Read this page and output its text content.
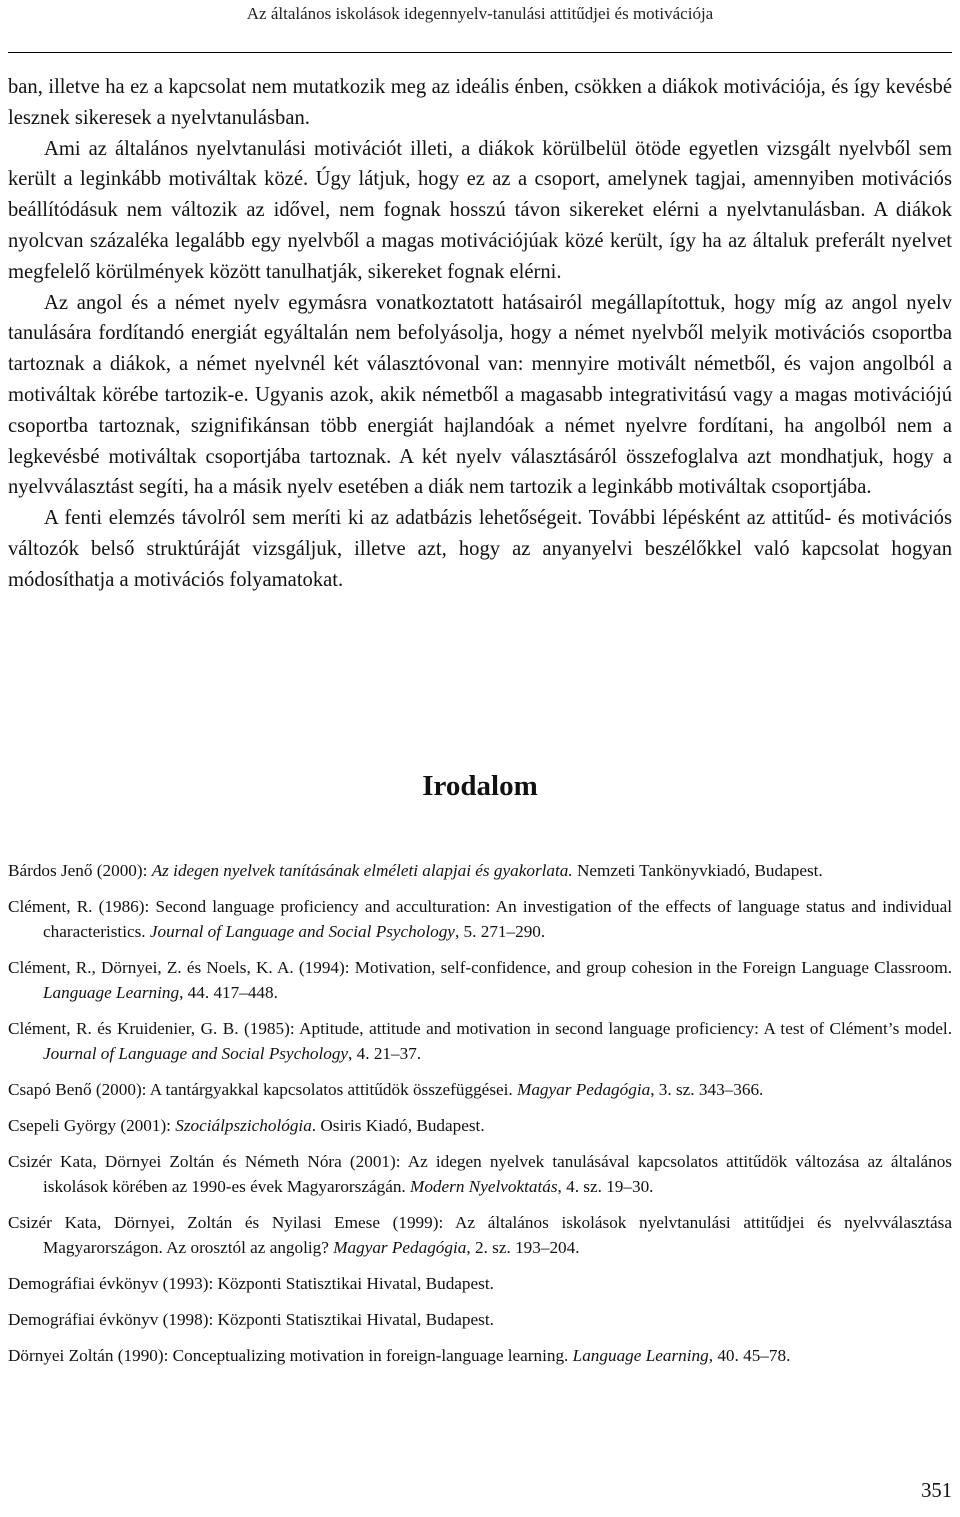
Az általános iskolások idegennyelv-tanulási attitűdjei és motivációja

ban, illetve ha ez a kapcsolat nem mutatkozik meg az ideális énben, csökken a diákok motivációja, és így kevésbé lesznek sikeresek a nyelvtanulásban.

Ami az általános nyelvtanulási motivációt illeti, a diákok körülbelül ötöde egyetlen vizsgált nyelvből sem került a leginkább motiváltak közé. Úgy látjuk, hogy ez az a csoport, amelynek tagjai, amennyiben motivációs beállítódásuk nem változik az idővel, nem fognak hosszú távon sikereket elérni a nyelvtanulásban. A diákok nyolcvan százaléka legalább egy nyelvből a magas motivációjúak közé került, így ha az általuk preferált nyelvet megfelelő körülmények között tanulhatják, sikereket fognak elérni.

Az angol és a német nyelv egymásra vonatkoztatott hatásairól megállapítottuk, hogy míg az angol nyelv tanulására fordítandó energiát egyáltalán nem befolyásolja, hogy a német nyelvből melyik motivációs csoportba tartoznak a diákok, a német nyelvnél két választóvonal van: mennyire motivált németből, és vajon angolból a motiváltak körébe tartozik-e. Ugyanis azok, akik németből a magasabb integrativitású vagy a magas motivációjú csoportba tartoznak, szignifikánsan több energiát hajlandóak a német nyelvre fordítani, ha angolból nem a legkevésbé motiváltak csoportjába tartoznak. A két nyelv választásáról összefoglalva azt mondhatjuk, hogy a nyelvválasztást segíti, ha a másik nyelv esetében a diák nem tartozik a leginkább motiváltak csoportjába.

A fenti elemzés távolról sem meríti ki az adatbázis lehetőségeit. További lépésként az attitűd- és motivációs változók belső struktúráját vizsgáljuk, illetve azt, hogy az anyanyelvi beszélőkkel való kapcsolat hogyan módosíthatja a motivációs folyamatokat.

Irodalom

Bárdos Jenő (2000): Az idegen nyelvek tanításának elméleti alapjai és gyakorlata. Nemzeti Tankönyvkiadó, Budapest.

Clément, R. (1986): Second language proficiency and acculturation: An investigation of the effects of language status and individual characteristics. Journal of Language and Social Psychology, 5. 271–290.

Clément, R., Dörnyei, Z. és Noels, K. A. (1994): Motivation, self-confidence, and group cohesion in the Foreign Language Classroom. Language Learning, 44. 417–448.

Clément, R. és Kruidenier, G. B. (1985): Aptitude, attitude and motivation in second language proficiency: A test of Clément’s model. Journal of Language and Social Psychology, 4. 21–37.

Csapó Benő (2000): A tantárgyakkal kapcsolatos attitűdök összefüggései. Magyar Pedagógia, 3. sz. 343–366.

Csepeli György (2001): Szociálpszichológia. Osiris Kiadó, Budapest.

Csizér Kata, Dörnyei Zoltán és Németh Nóra (2001): Az idegen nyelvek tanulásával kapcsolatos attitűdök változása az általános iskolások körében az 1990-es évek Magyarországán. Modern Nyelvoktatás, 4. sz. 19–30.

Csizér Kata, Dörnyei, Zoltán és Nyilasi Emese (1999): Az általános iskolások nyelvtanulási attitűdjei és nyelvválasztása Magyarországon. Az orosztól az angolig? Magyar Pedagógia, 2. sz. 193–204.

Demográfiai évkönyv (1993): Központi Statisztikai Hivatal, Budapest.

Demográfiai évkönyv (1998): Központi Statisztikai Hivatal, Budapest.

Dörnyei Zoltán (1990): Conceptualizing motivation in foreign-language learning. Language Learning, 40. 45–78.

351
